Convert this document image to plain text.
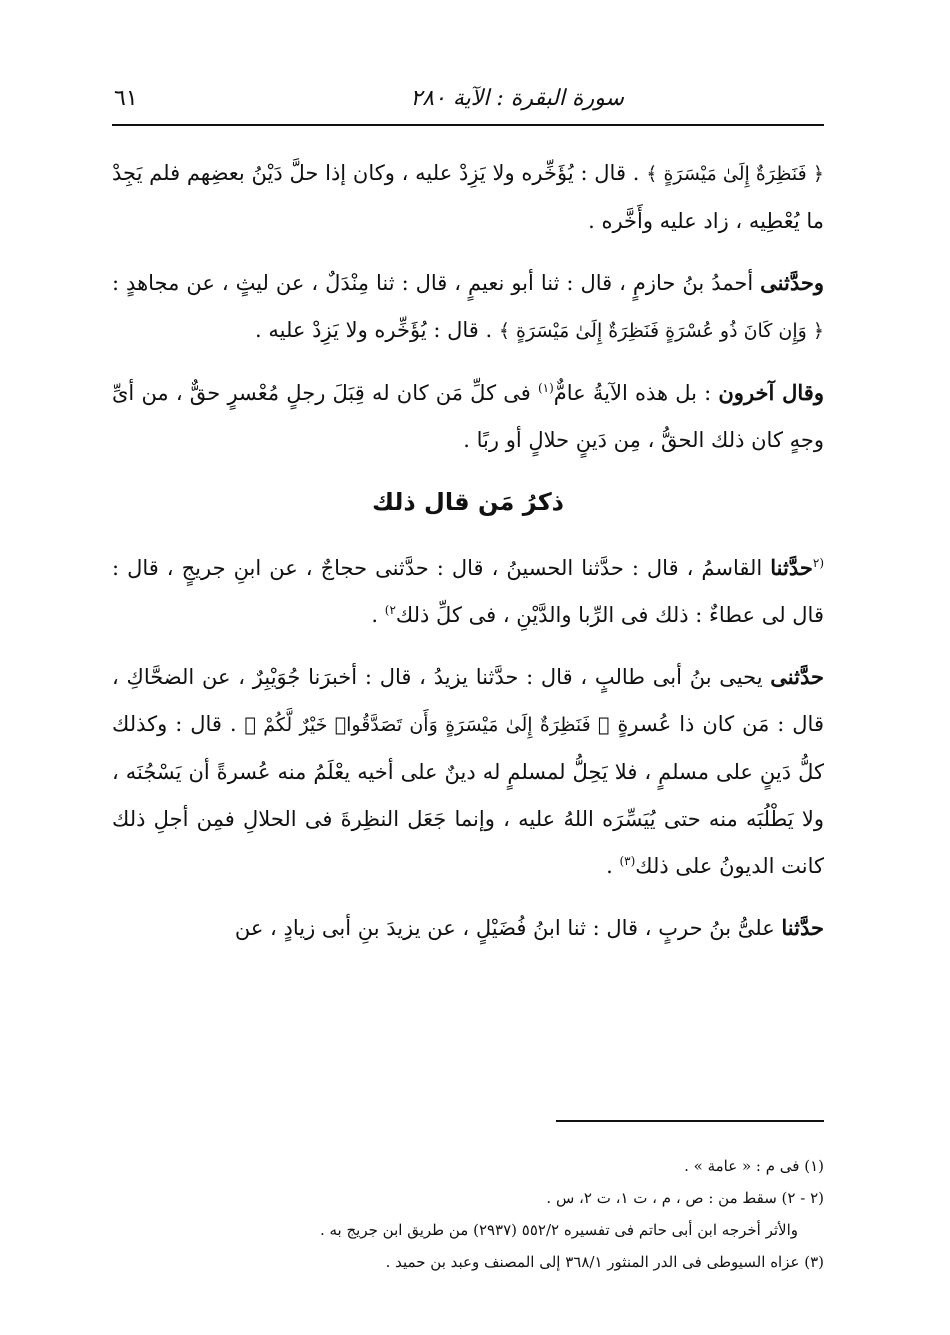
سورة البقرة : الآية ٢٨٠
٦١

﴿ فَنَظِرَةٌ إِلَىٰ مَيْسَرَةٍ ﴾ . قال : يُؤَخِّره ولا يَزِدْ عليه ، وكان إذا حلَّ دَيْنُ بعضِهم فلم يَجِدْ ما يُعْطِيه ، زاد عليه وأَخَّره .

وحدَّثنى أحمدُ بنُ حازمٍ ، قال : ثنا أبو نعيمٍ ، قال : ثنا مِنْدَلٌ ، عن ليثٍ ، عن مجاهدٍ : ﴿ وَإِن كَانَ ذُو عُسْرَةٍ فَنَظِرَةٌ إِلَىٰ مَيْسَرَةٍ ﴾ . قال : يُؤَخِّره ولا يَزِدْ عليه .

وقال آخرون : بل هذه الآيةُ عامٌّ$^{(١)}$ فى كلِّ مَن كان له قِبَلَ رجلٍ مُعْسرٍ حقٌّ ، من أىِّ وجهٍ كان ذلك الحقُّ ، مِن دَينٍ حلالٍ أو ربًا .

ذكرُ مَن قال ذلك

$^{(٢}$حدَّثنا القاسمُ ، قال : حدَّثنا الحسينُ ، قال : حدَّثنى حجاجٌ ، عن ابنِ جريجٍ ، قال : قال لى عطاءٌ : ذلك فى الرِّبا والدَّيْنِ ، فى كلِّ ذلك$^{٢)}$ .

حدَّثنى يحيى بنُ أبى طالبٍ ، قال : حدَّثنا يزيدُ ، قال : أخبرَنا جُوَيْبِرٌ ، عن الضحَّاكِ ، قال : مَن كان ذا عُسرةٍ ﴿ فَنَظِرَةٌ إِلَىٰ مَيْسَرَةٍ وَأَن تَصَدَّقُوا۟ خَيْرٌ لَّكُمْ ﴾ . قال : وكذلك كلُّ دَينٍ على مسلمٍ ، فلا يَحِلُّ لمسلمٍ له دينٌ على أخيه يعْلَمُ منه عُسرةً أن يَسْجُنَه ، ولا يَطْلُبَه منه حتى يُيَسِّرَه اللهُ عليه ، وإنما جَعَل النظِرةَ فى الحلالِ فمِن أجلِ ذلك كانت الديونُ على ذلك$^{(٣)}$ .

حدَّثنا علىُّ بنُ حربٍ ، قال : ثنا ابنُ فُضَيْلٍ ، عن يزيدَ بنِ أبى زيادٍ ، عن

(١) فى م : « عامة » .

(٢ - ٢) سقط من : ص ، م ، ت ١، ت ٢، س .

والأثر أخرجه ابن أبى حاتم فى تفسيره ٥٥٢/٢ (٢٩٣٧) من طريق ابن جريج به .

(٣) عزاه السيوطى فى الدر المنثور ٣٦٨/١ إلى المصنف وعبد بن حميد .
